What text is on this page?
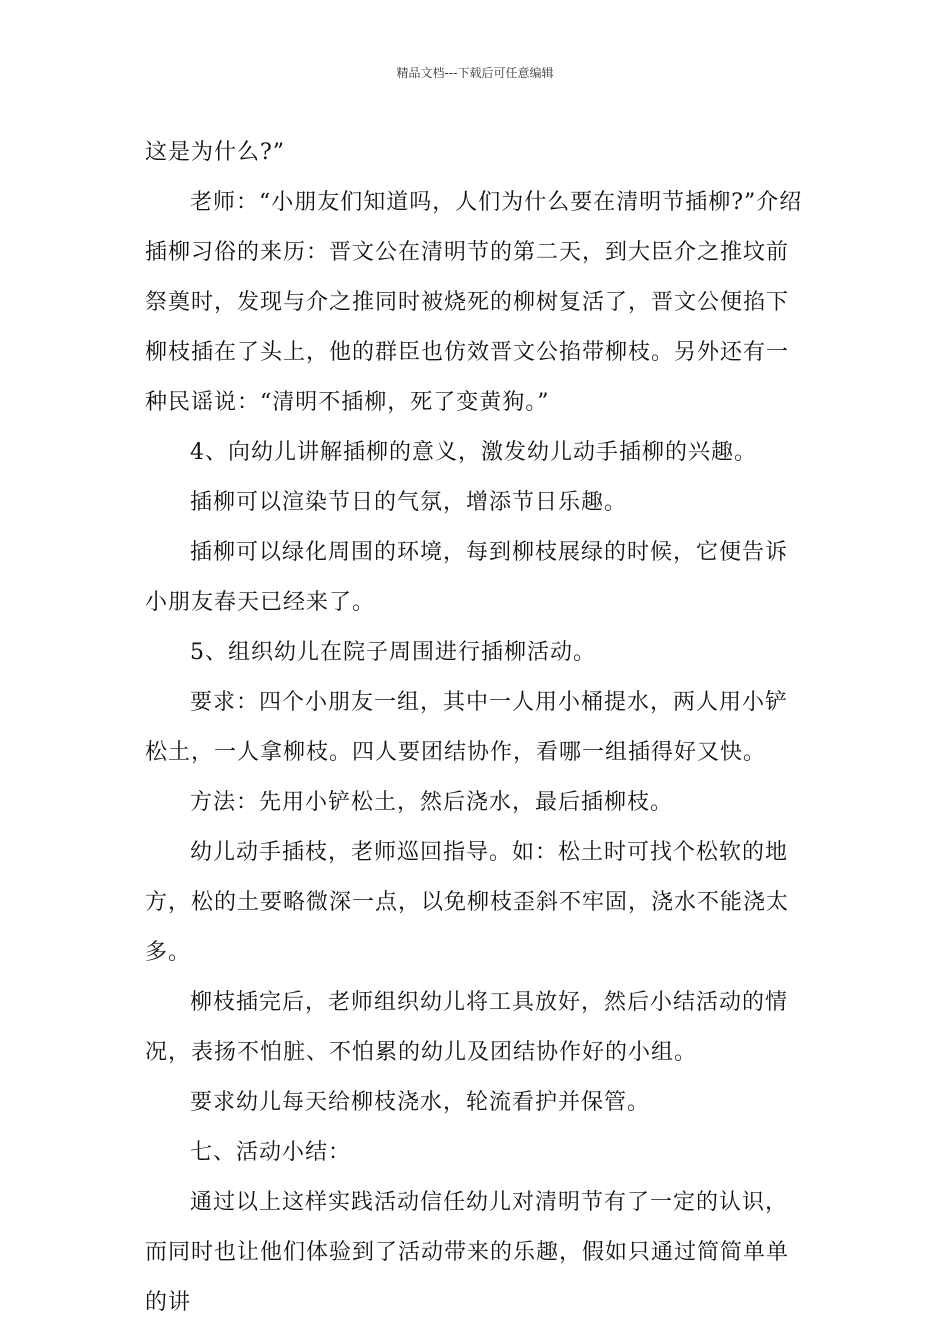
精品文档---下载后可任意编辑

这是为什么?”

老师：“小朋友们知道吗，人们为什么要在清明节插柳?”介绍插柳习俗的来历：晋文公在清明节的第二天，到大臣介之推坟前祭奠时，发现与介之推同时被烧死的柳树复活了，晋文公便掐下柳枝插在了头上，他的群臣也仿效晋文公掐带柳枝。另外还有一种民谣说：“清明不插柳，死了变黄狗。”

4、向幼儿讲解插柳的意义，激发幼儿动手插柳的兴趣。

插柳可以渲染节日的气氛，增添节日乐趣。

插柳可以绿化周围的环境，每到柳枝展绿的时候，它便告诉小朋友春天已经来了。

5、组织幼儿在院子周围进行插柳活动。

要求：四个小朋友一组，其中一人用小桶提水，两人用小铲松土，一人拿柳枝。四人要团结协作，看哪一组插得好又快。

方法：先用小铲松土，然后浇水，最后插柳枝。

幼儿动手插枝，老师巡回指导。如：松土时可找个松软的地方，松的土要略微深一点，以免柳枝歪斜不牢固，浇水不能浇太多。

柳枝插完后，老师组织幼儿将工具放好，然后小结活动的情况，表扬不怕脏、不怕累的幼儿及团结协作好的小组。

要求幼儿每天给柳枝浇水，轮流看护并保管。

七、活动小结：

通过以上这样实践活动信任幼儿对清明节有了一定的认识，而同时也让他们体验到了活动带来的乐趣，假如只通过简简单单的讲
